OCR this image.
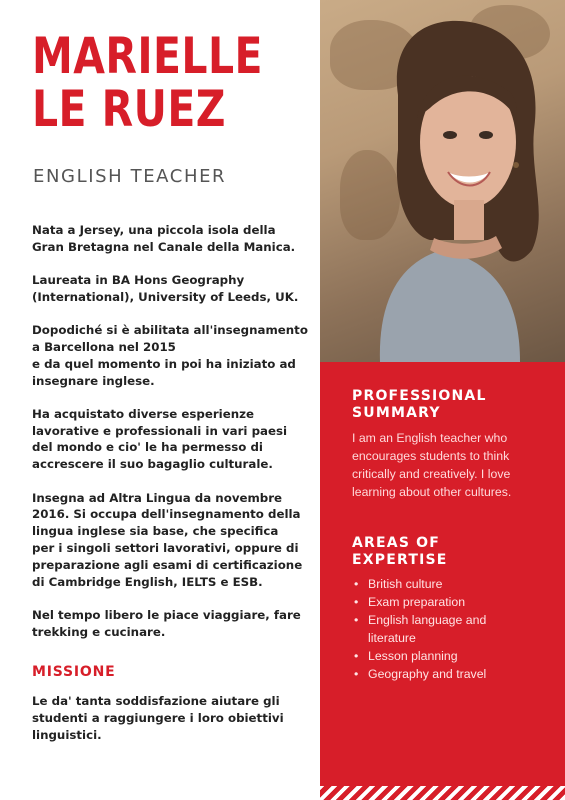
MARIELLE
LE RUEZ
ENGLISH TEACHER

Nata a Jersey, una piccola isola della
Gran Bretagna nel Canale della Manica.

Laureata in BA Hons Geography
(International), University of Leeds, UK.

Dopodiché si è abilitata all'insegnamento
a Barcellona nel 2015
e da quel momento in poi ha iniziato ad
insegnare inglese.

Ha acquistato diverse esperienze
lavorative e professionali in vari paesi
del mondo e cio' le ha permesso di
accrescere il suo bagaglio culturale.

Insegna ad Altra Lingua da novembre
2016. Si occupa dell'insegnamento della
lingua inglese sia base, che specifica
per i singoli settori lavorativi, oppure di
preparazione agli esami di certificazione
di Cambridge English, IELTS e ESB.

Nel tempo libero le piace viaggiare, fare
trekking e cucinare.

MISSIONE

Le da' tanta soddisfazione aiutare gli
studenti a raggiungere i loro obiettivi
linguistici.

PROFESSIONAL
SUMMARY

I am an English teacher who
encourages students to think
critically and creatively. I love
learning about other cultures.

AREAS OF
EXPERTISE
• British culture
• Exam preparation
• English language and
literature
• Lesson planning
• Geography and travel
